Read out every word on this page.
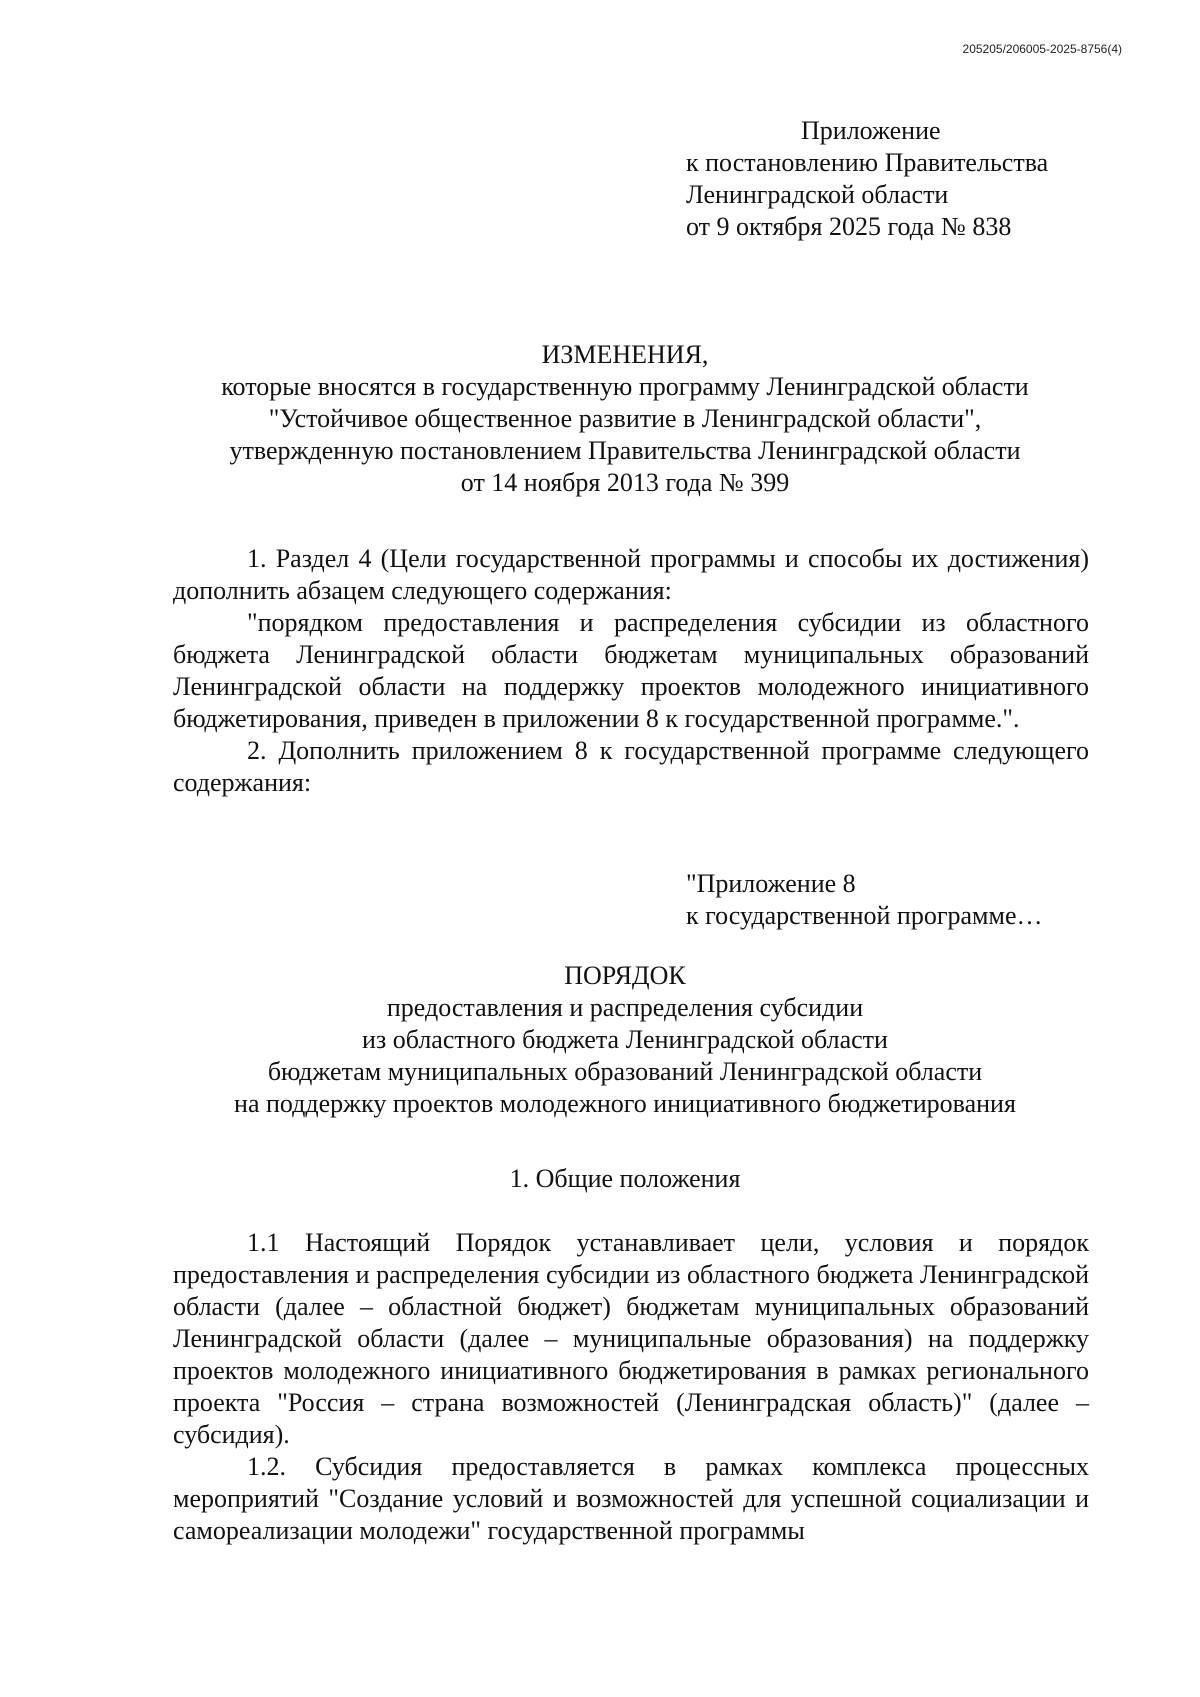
205205/206005-2025-8756(4)
Приложение
к постановлению Правительства
Ленинградской области
от 9 октября 2025 года № 838
ИЗМЕНЕНИЯ,
которые вносятся в государственную программу Ленинградской области
"Устойчивое общественное развитие в Ленинградской области",
утвержденную постановлением Правительства Ленинградской области
от 14 ноября 2013 года № 399

1. Раздел 4 (Цели государственной программы и способы их достижения) дополнить абзацем следующего содержания:

"порядком предоставления и распределения субсидии из областного бюджета Ленинградской области бюджетам муниципальных образований Ленинградской области на поддержку проектов молодежного инициативного бюджетирования, приведен в приложении 8 к государственной программе.".

2. Дополнить приложением 8 к государственной программе следующего содержания:

"Приложение 8
к государственной программе…
ПОРЯДОК
предоставления и распределения субсидии
из областного бюджета Ленинградской области
бюджетам муниципальных образований Ленинградской области
на поддержку проектов молодежного инициативного бюджетирования
1. Общие положения

1.1 Настоящий Порядок устанавливает цели, условия и порядок предоставления и распределения субсидии из областного бюджета Ленинградской области (далее – областной бюджет) бюджетам муниципальных образований Ленинградской области (далее – муниципальные образования) на поддержку проектов молодежного инициативного бюджетирования в рамках регионального проекта "Россия – страна возможностей (Ленинградская область)" (далее – субсидия).

1.2. Субсидия предоставляется в рамках комплекса процессных мероприятий "Создание условий и возможностей для успешной социализации и самореализации молодежи" государственной программы
